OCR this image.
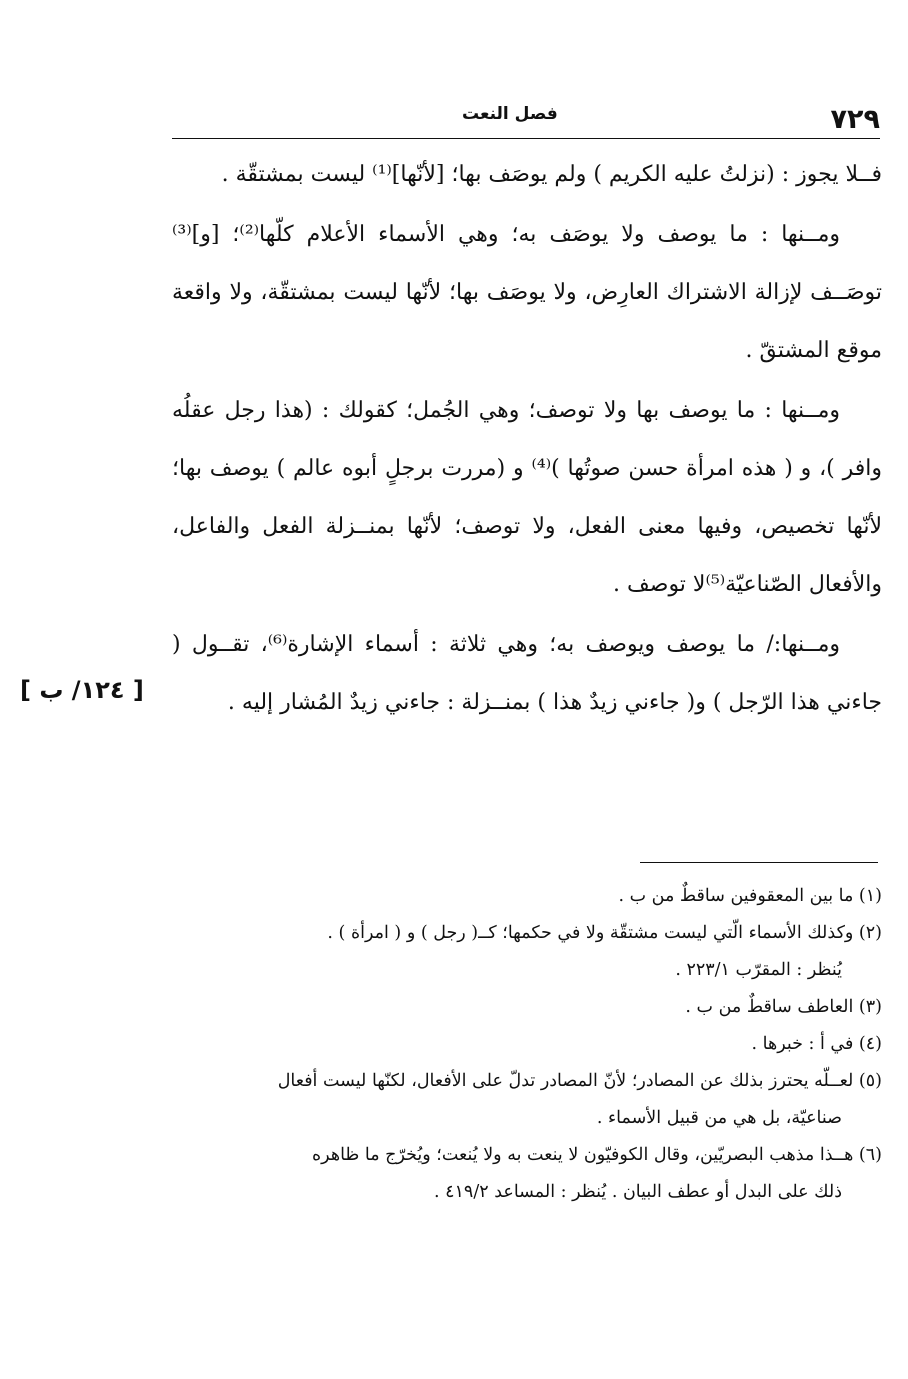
٧٢٩
فصل النعت

فــلا يجوز : (نزلتُ عليه الكريم ) ولم يوصَف بها؛ [لأنّها]⁽¹⁾ ليست بمشتقّة .

ومــنها : ما يوصف ولا يوصَف به؛ وهي الأسماء الأعلام كلّها⁽²⁾؛ [و]⁽³⁾ توصَــف لإزالة الاشتراك العارِض، ولا يوصَف بها؛ لأنّها ليست بمشتقّة، ولا واقعة موقع المشتقّ .

ومــنها : ما يوصف بها ولا توصف؛ وهي الجُمل؛ كقولك : (هذا رجل عقلُه وافر )، و ( هذه امرأة حسن صوتُها )⁽⁴⁾ و (مررت برجلٍ أبوه عالم ) يوصف بها؛ لأنّها تخصيص، وفيها معنى الفعل، ولا توصف؛ لأنّها بمنــزلة الفعل والفاعل، والأفعال الصّناعيّة⁽⁵⁾لا توصف .

ومــنها:/ ما يوصف ويوصف به؛ وهي ثلاثة : أسماء الإشارة⁽⁶⁾، تقــول ( جاءني هذا الرّجل ) و( جاءني زيدٌ هذا ) بمنــزلة : جاءني زيدٌ المُشار إليه .

[ ١٢٤/ ب ]

(١) ما بين المعقوفين ساقطٌ من ب .

(٢) وكذلك الأسماء الّتي ليست مشتقّة ولا في حكمها؛ كــ( رجل ) و ( امرأة ) .

يُنظر : المقرّب ٢٢٣/١ .

(٣) العاطف ساقطٌ من ب .

(٤) في أ : خبرها .

(٥) لعــلّه يحترز بذلك عن المصادر؛ لأنّ المصادر تدلّ على الأفعال، لكنّها ليست أفعال

صناعيّة، بل هي من قبيل الأسماء .

(٦) هــذا مذهب البصريّين، وقال الكوفيّون لا ينعت به ولا يُنعت؛ ويُخرّج ما ظاهره

ذلك على البدل أو عطف البيان . يُنظر : المساعد ٤١٩/٢ .
